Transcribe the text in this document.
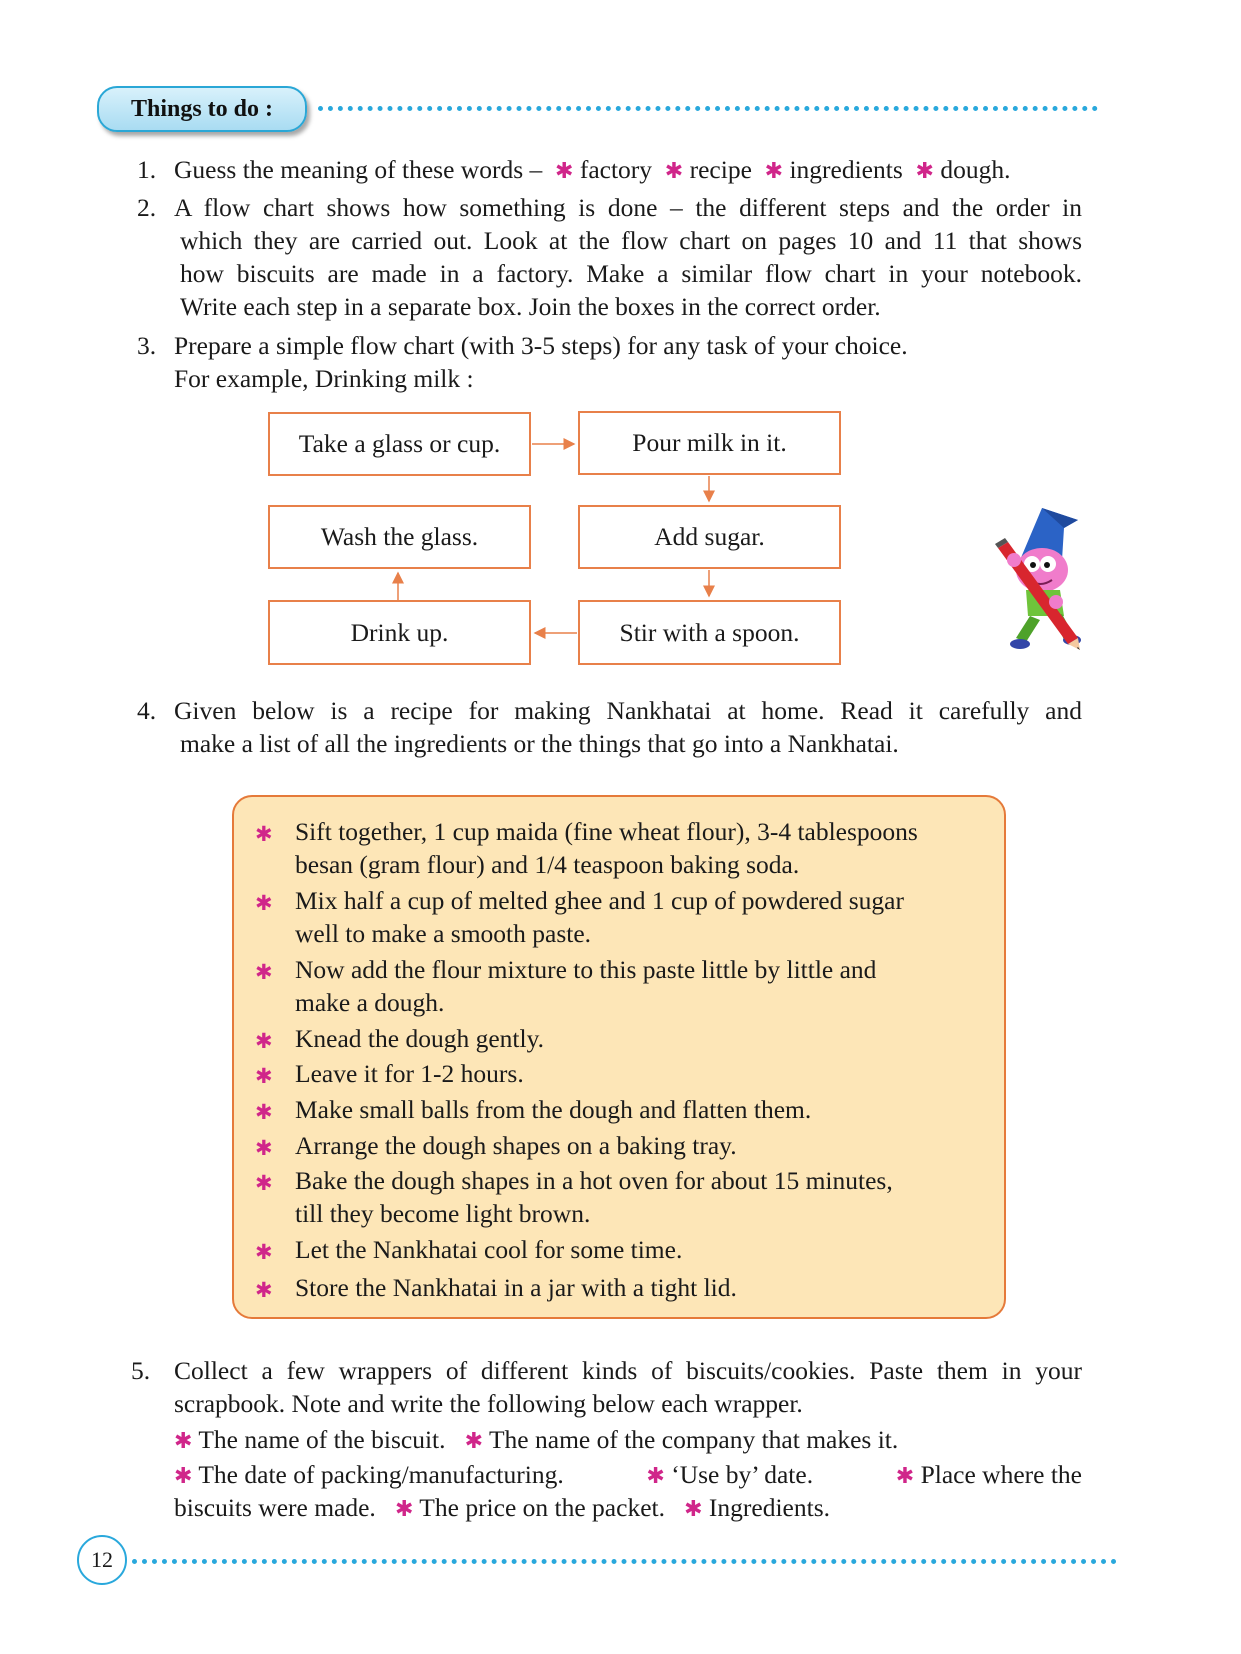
Things to do :
1. Guess the meaning of these words – ✱ factory ✱ recipe ✱ ingredients ✱ dough.
2. A flow chart shows how something is done – the different steps and the order in
which they are carried out. Look at the flow chart on pages 10 and 11 that shows
how biscuits are made in a factory. Make a similar flow chart in your notebook.
Write each step in a separate box. Join the boxes in the correct order.
3. Prepare a simple flow chart (with 3-5 steps) for any task of your choice.
For example, Drinking milk :
Take a glass or cup.	Pour milk in it.
Add sugar.
Stir with a spoon.
Drink up.
Wash the glass.
4. Given below is a recipe for making Nankhatai at home. Read it carefully and
make a list of all the ingredients or the things that go into a Nankhatai.
✱ Sift together, 1 cup maida (fine wheat flour), 3-4 tablespoons
besan (gram flour) and 1/4 teaspoon baking soda.
✱ Mix half a cup of melted ghee and 1 cup of powdered sugar
well to make a smooth paste.
✱ Now add the flour mixture to this paste little by little and
make a dough.
✱ Knead the dough gently.
✱ Leave it for 1-2 hours.
✱ Make small balls from the dough and flatten them.
✱ Arrange the dough shapes on a baking tray.
✱ Bake the dough shapes in a hot oven for about 15 minutes,
till they become light brown.
✱ Let the Nankhatai cool for some time.
✱ Store the Nankhatai in a jar with a tight lid.
5. Collect a few wrappers of different kinds of biscuits/cookies. Paste them in your
scrapbook. Note and write the following below each wrapper.
✱ The name of the biscuit. ✱ The name of the company that makes it.
✱ The date of packing/manufacturing.	✱ ‘Use by’ date.	✱ Place where the
biscuits were made. ✱ The price on the packet. ✱ Ingredients.
12
